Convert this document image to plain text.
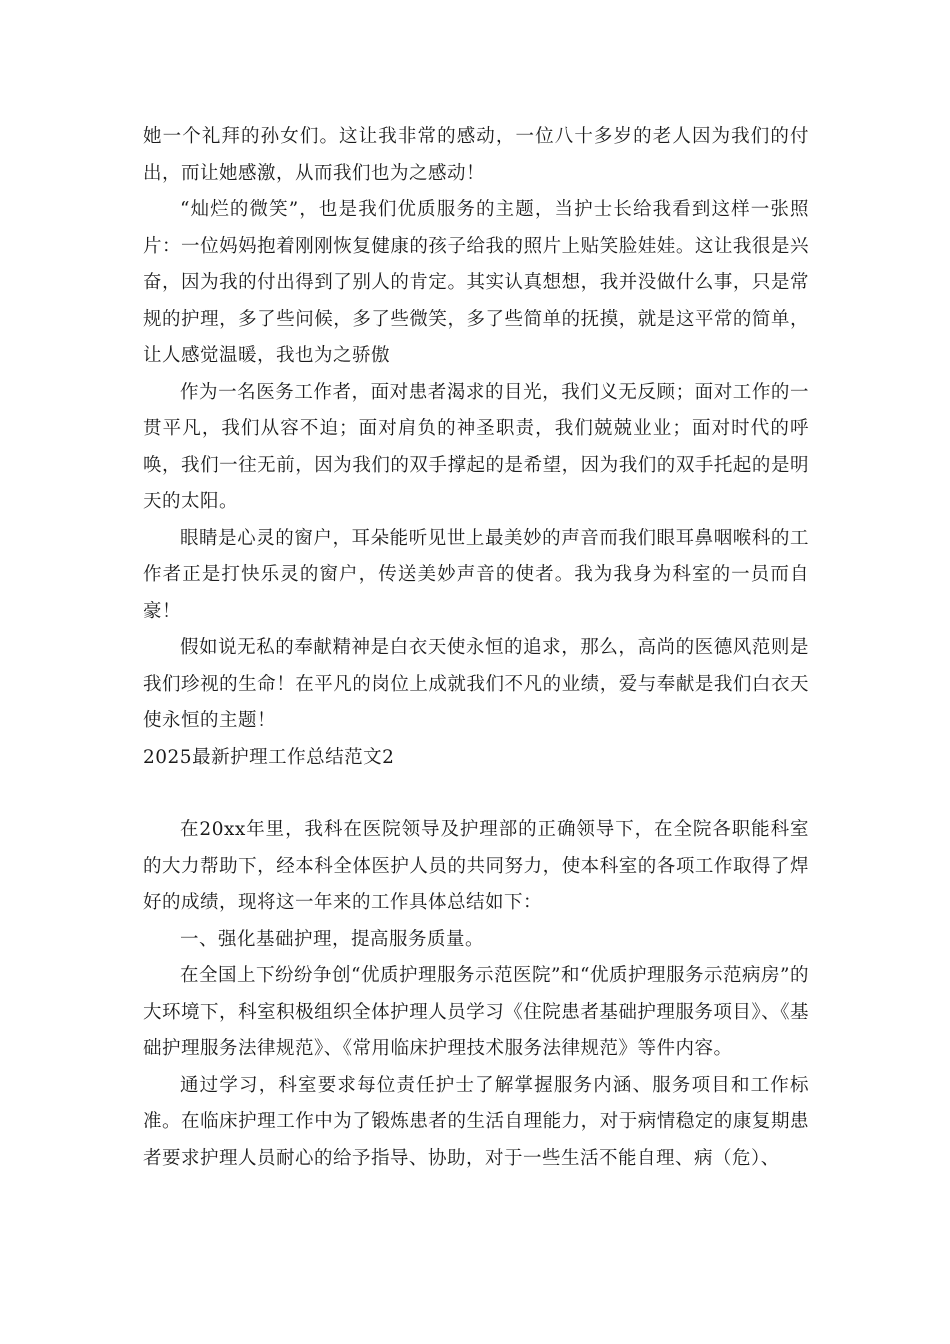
她一个礼拜的孙女们。这让我非常的感动，一位八十多岁的老人因为我们的付出，而让她感激，从而我们也为之感动！

“灿烂的微笑”，也是我们优质服务的主题，当护士长给我看到这样一张照片：一位妈妈抱着刚刚恢复健康的孩子给我的照片上贴笑脸娃娃。这让我很是兴奋，因为我的付出得到了别人的肯定。其实认真想想，我并没做什么事，只是常规的护理，多了些问候，多了些微笑，多了些简单的抚摸，就是这平常的简单，让人感觉温暖，我也为之骄傲

作为一名医务工作者，面对患者渴求的目光，我们义无反顾；面对工作的一贯平凡，我们从容不迫；面对肩负的神圣职责，我们兢兢业业；面对时代的呼唤，我们一往无前，因为我们的双手撑起的是希望，因为我们的双手托起的是明天的太阳。

眼睛是心灵的窗户，耳朵能听见世上最美妙的声音而我们眼耳鼻咽喉科的工作者正是打快乐灵的窗户，传送美妙声音的使者。我为我身为科室的一员而自豪！

假如说无私的奉献精神是白衣天使永恒的追求，那么，高尚的医德风范则是我们珍视的生命！在平凡的岗位上成就我们不凡的业绩，爱与奉献是我们白衣天使永恒的主题！

2025最新护理工作总结范文2

在20xx年里，我科在医院领导及护理部的正确领导下，在全院各职能科室的大力帮助下，经本科全体医护人员的共同努力，使本科室的各项工作取得了焊好的成绩，现将这一年来的工作具体总结如下：

一、强化基础护理，提高服务质量。

在全国上下纷纷争创“优质护理服务示范医院”和“优质护理服务示范病房”的大环境下，科室积极组织全体护理人员学习《住院患者基础护理服务项目》、《基础护理服务法律规范》、《常用临床护理技术服务法律规范》等件内容。

通过学习，科室要求每位责任护士了解掌握服务内涵、服务项目和工作标准。在临床护理工作中为了锻炼患者的生活自理能力，对于病情稳定的康复期患者要求护理人员耐心的给予指导、协助，对于一些生活不能自理、病（危）、
